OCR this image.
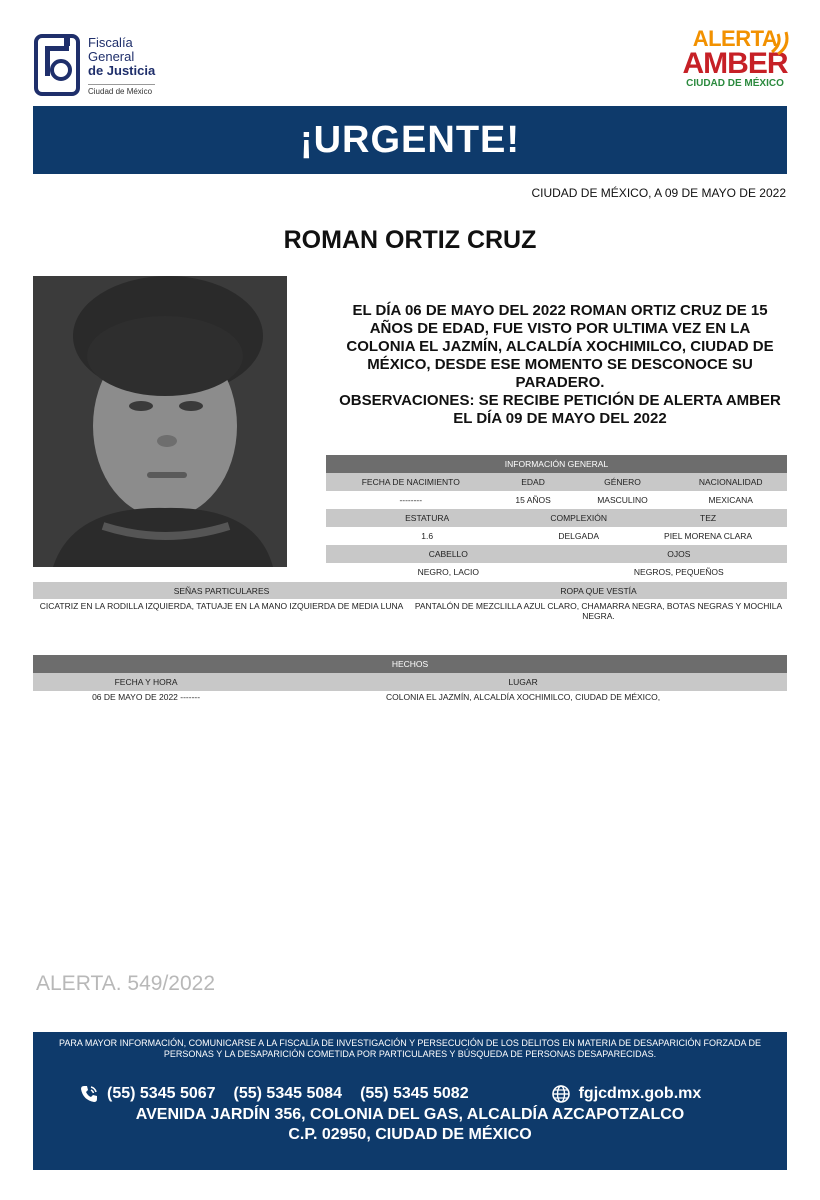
Fiscalía
General
de Justicia
Ciudad de México
ALERTA
AMBER
CIUDAD DE MÉXICO
¡URGENTE!
CIUDAD DE MÉXICO, A 09 DE MAYO DE 2022
ROMAN ORTIZ CRUZ
EL DÍA 06 DE MAYO DEL 2022 ROMAN ORTIZ CRUZ DE 15 AÑOS DE EDAD, FUE VISTO POR ULTIMA VEZ EN LA COLONIA EL JAZMÍN, ALCALDÍA XOCHIMILCO, CIUDAD DE MÉXICO, DESDE ESE MOMENTO SE DESCONOCE SU PARADERO.
OBSERVACIONES: SE RECIBE PETICIÓN DE ALERTA AMBER EL DÍA 09 DE MAYO DEL 2022
INFORMACIÓN GENERAL					
FECHA DE NACIMIENTO	EDAD		GÉNERO		NACIONALIDAD
--------	15 AÑOS		MASCULINO		MEXICANA
ESTATURA		COMPLEXIÓN		TEZ	
1.6		DELGADA		PIEL MORENA CLARA	
CABELLO			OJOS		
NEGRO, LACIO			NEGROS, PEQUEÑOS		
SEÑAS PARTICULARES	ROPA QUE VESTÍA
CICATRIZ EN LA RODILLA IZQUIERDA, TATUAJE EN LA MANO IZQUIERDA DE MEDIA LUNA	PANTALÓN DE MEZCLILLA AZUL CLARO, CHAMARRA NEGRA, BOTAS NEGRAS Y MOCHILA NEGRA.
HECHOS	
FECHA Y HORA	LUGAR
06 DE MAYO DE 2022 -------	COLONIA EL JAZMÍN, ALCALDÍA XOCHIMILCO, CIUDAD DE MÉXICO,
ALERTA. 549/2022
PARA MAYOR INFORMACIÓN, COMUNICARSE A LA FISCALÍA DE INVESTIGACIÓN Y PERSECUCIÓN DE LOS DELITOS EN MATERIA DE DESAPARICIÓN FORZADA DE PERSONAS Y LA DESAPARICIÓN COMETIDA POR PARTICULARES Y BÚSQUEDA DE PERSONAS DESAPARECIDAS.
(55) 5345 5067 (55) 5345 5084 (55) 5345 5082	fgjcdmx.gob.mx
AVENIDA JARDÍN 356, COLONIA DEL GAS, ALCALDÍA AZCAPOTZALCO
C.P. 02950, CIUDAD DE MÉXICO
